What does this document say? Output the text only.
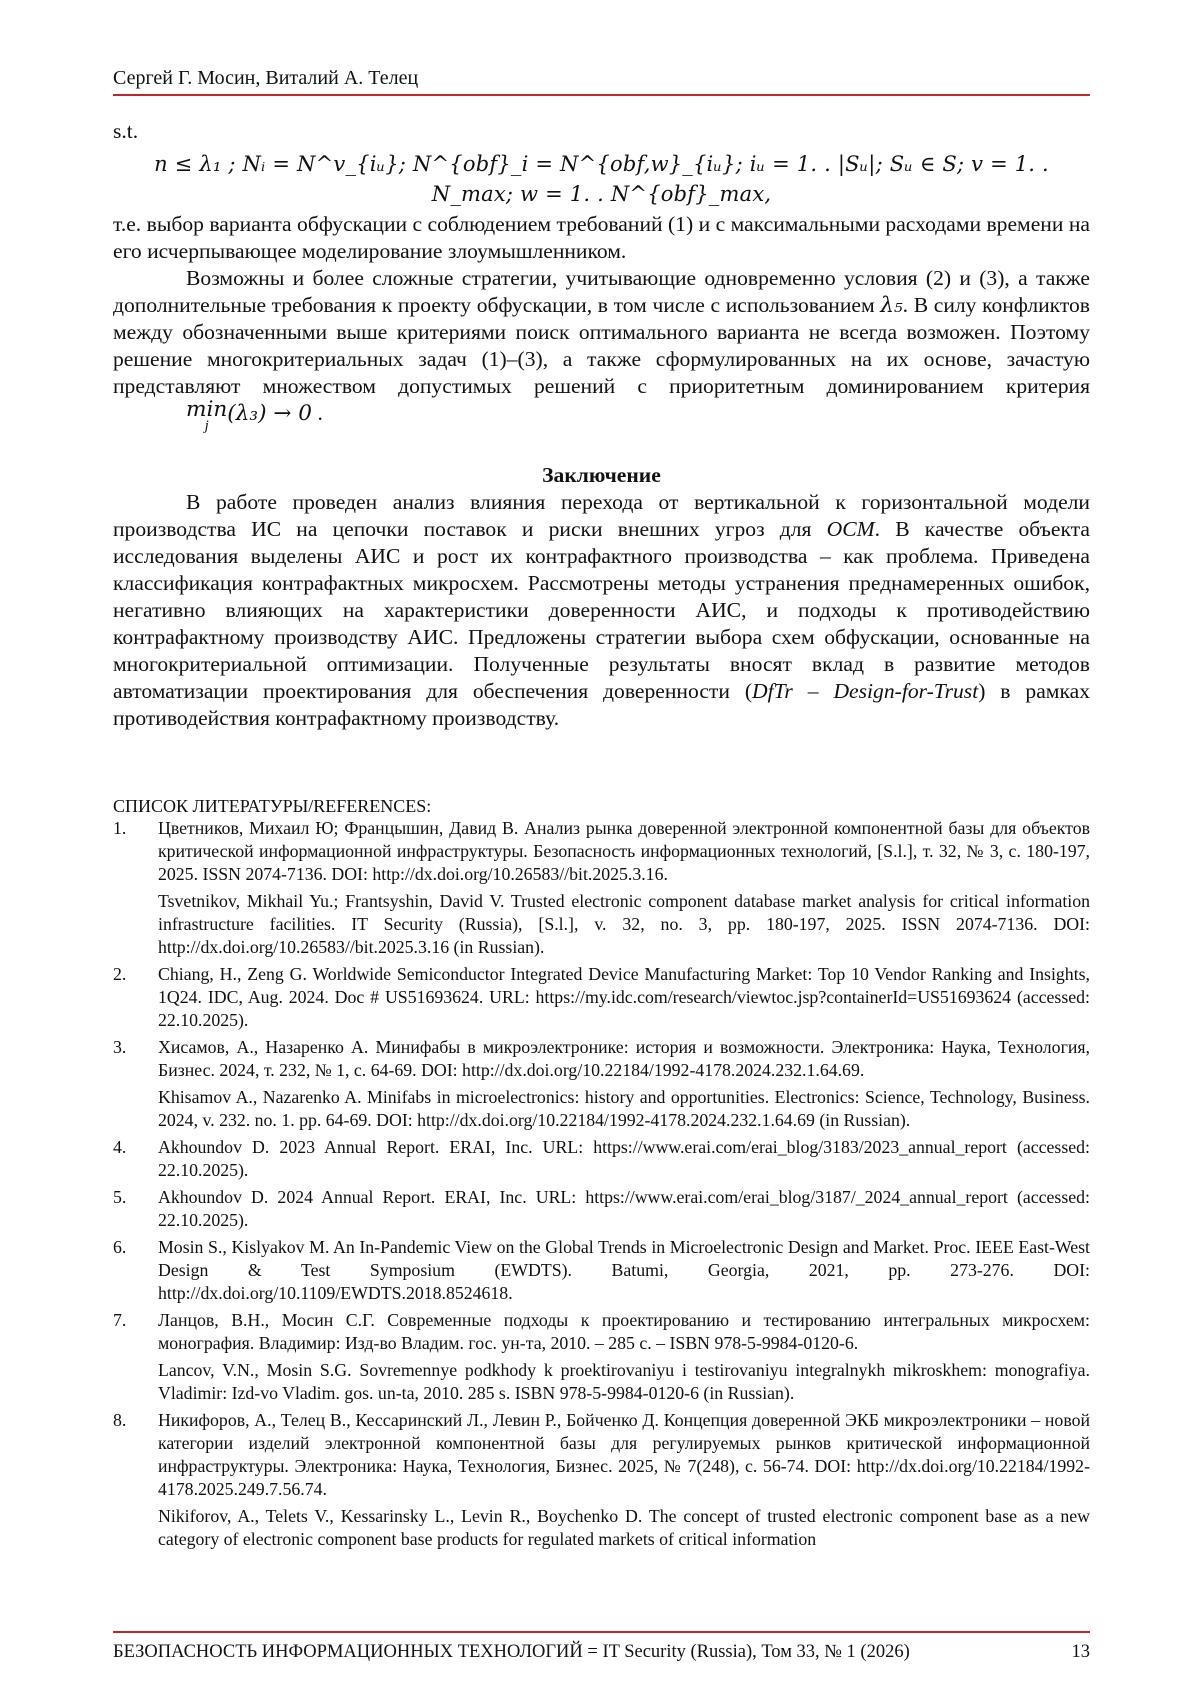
Сергей Г. Мосин, Виталий А. Телец

s.t.

n ≤ λ₁ ; Nᵢ = N^v_{iᵤ}; N^{obf}_i = N^{obf,w}_{iᵤ}; iᵤ = 1. . |Sᵤ|; Sᵤ ∈ S; v = 1. . N_max; w = 1. . N^{obf}_max,

т.е. выбор варианта обфускации с соблюдением требований (1) и с максимальными расходами времени на его исчерпывающее моделирование злоумышленником.

Возможны и более сложные стратегии, учитывающие одновременно условия (2) и (3), а также дополнительные требования к проекту обфускации, в том числе с использованием λ₅. В силу конфликтов между обозначенными выше критериями поиск оптимального варианта не всегда возможен. Поэтому решение многокритериальных задач (1)–(3), а также сформулированных на их основе, зачастую представляют множеством допустимых решений с приоритетным доминированием критерия min
j (λ₃) → 0 .

Заключение

В работе проведен анализ влияния перехода от вертикальной к горизонтальной модели производства ИС на цепочки поставок и риски внешних угроз для OCM. В качестве объекта исследования выделены АИС и рост их контрафактного производства – как проблема. Приведена классификация контрафактных микросхем. Рассмотрены методы устранения преднамеренных ошибок, негативно влияющих на характеристики доверенности АИС, и подходы к противодействию контрафактному производству АИС. Предложены стратегии выбора схем обфускации, основанные на многокритериальной оптимизации. Полученные результаты вносят вклад в развитие методов автоматизации проектирования для обеспечения доверенности (DfTr – Design-for-Trust) в рамках противодействия контрафактному производству.

СПИСОК ЛИТЕРАТУРЫ/REFERENCES:
1. Цветников, Михаил Ю; Францышин, Давид В. Анализ рынка доверенной электронной компонентной базы для объектов критической информационной инфраструктуры. Безопасность информационных технологий, [S.l.], т. 32, № 3, с. 180-197, 2025. ISSN 2074-7136. DOI: http://dx.doi.org/10.26583//bit.2025.3.16.

Tsvetnikov, Mikhail Yu.; Frantsyshin, David V. Trusted electronic component database market analysis for critical information infrastructure facilities. IT Security (Russia), [S.l.], v. 32, no. 3, pp. 180-197, 2025. ISSN 2074-7136. DOI: http://dx.doi.org/10.26583//bit.2025.3.16 (in Russian).

2. Chiang, H., Zeng G. Worldwide Semiconductor Integrated Device Manufacturing Market: Top 10 Vendor Ranking and Insights, 1Q24. IDC, Aug. 2024. Doc # US51693624. URL: https://my.idc.com/research/viewtoc.jsp?containerId=US51693624 (accessed: 22.10.2025).

3. Хисамов, А., Назаренко А. Минифабы в микроэлектронике: история и возможности. Электроника: Наука, Технология, Бизнес. 2024, т. 232, № 1, с. 64-69. DOI: http://dx.doi.org/10.22184/1992-4178.2024.232.1.64.69.

Khisamov A., Nazarenko A. Minifabs in microelectronics: history and opportunities. Electronics: Science, Technology, Business. 2024, v. 232. no. 1. pp. 64-69. DOI: http://dx.doi.org/10.22184/1992-4178.2024.232.1.64.69 (in Russian).

4. Akhoundov D. 2023 Annual Report. ERAI, Inc. URL: https://www.erai.com/erai_blog/3183/2023_annual_report (accessed: 22.10.2025).

5. Akhoundov D. 2024 Annual Report. ERAI, Inc. URL: https://www.erai.com/erai_blog/3187/_2024_annual_report (accessed: 22.10.2025).

6. Mosin S., Kislyakov M. An In-Pandemic View on the Global Trends in Microelectronic Design and Market. Proc. IEEE East-West Design & Test Symposium (EWDTS). Batumi, Georgia, 2021, pp. 273-276. DOI: http://dx.doi.org/10.1109/EWDTS.2018.8524618.

7. Ланцов, В.Н., Мосин С.Г. Современные подходы к проектированию и тестированию интегральных микросхем: монография. Владимир: Изд-во Владим. гос. ун-та, 2010. – 285 с. – ISBN 978-5-9984-0120-6.

Lancov, V.N., Mosin S.G. Sovremennye podkhody k proektirovaniyu i testirovaniyu integralnykh mikroskhem: monografiya. Vladimir: Izd-vo Vladim. gos. un-ta, 2010. 285 s. ISBN 978-5-9984-0120-6 (in Russian).

8. Никифоров, А., Телец В., Кессаринский Л., Левин Р., Бойченко Д. Концепция доверенной ЭКБ микроэлектроники – новой категории изделий электронной компонентной базы для регулируемых рынков критической информационной инфраструктуры. Электроника: Наука, Технология, Бизнес. 2025, № 7(248), с. 56-74. DOI: http://dx.doi.org/10.22184/1992-4178.2025.249.7.56.74.

Nikiforov, A., Telets V., Kessarinsky L., Levin R., Boychenko D. The concept of trusted electronic component base as a new category of electronic component base products for regulated markets of critical information

БЕЗОПАСНОСТЬ ИНФОРМАЦИОННЫХ ТЕХНОЛОГИЙ = IT Security (Russia), Том 33, № 1 (2026)	13
